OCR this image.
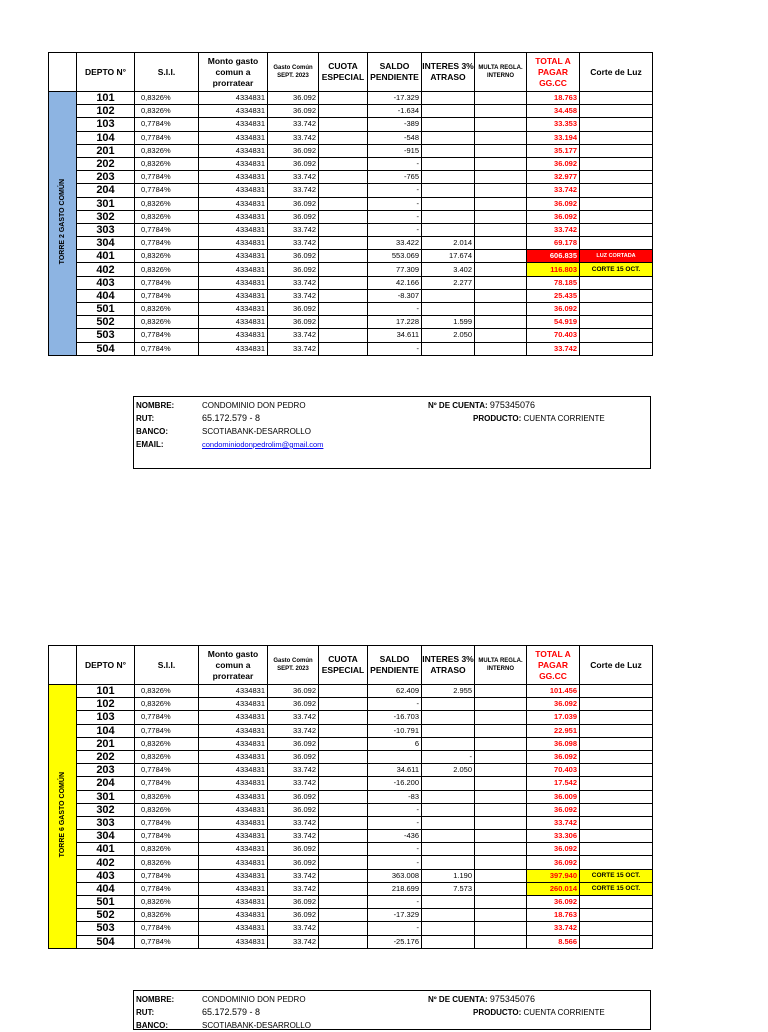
	DEPTO N°	S.I.I.	Monto gasto comun a prorratear	Gasto Común SEPT. 2023	CUOTA ESPECIAL	SALDO PENDIENTE	INTERES 3% ATRASO	MULTA REGLA. INTERNO	TOTAL A PAGAR GG.CC	Corte de Luz
TORRE 2 GASTO COMÚN	101	0,8326%	4334831	36.092		-17.329			18.763	
	102	0,8326%	4334831	36.092		-1.634			34.458	
	103	0,7784%	4334831	33.742		-389			33.353	
	104	0,7784%	4334831	33.742		-548			33.194	
	201	0,8326%	4334831	36.092		-915			35.177	
	202	0,8326%	4334831	36.092		-			36.092	
	203	0,7784%	4334831	33.742		-765			32.977	
	204	0,7784%	4334831	33.742		-			33.742	
	301	0,8326%	4334831	36.092		-			36.092	
	302	0,8326%	4334831	36.092		-			36.092	
	303	0,7784%	4334831	33.742		-			33.742	
	304	0,7784%	4334831	33.742		33.422	2.014		69.178	
	401	0,8326%	4334831	36.092		553.069	17.674		606.835	LUZ CORTADA
	402	0,8326%	4334831	36.092		77.309	3.402		116.803	CORTE 15 OCT.
	403	0,7784%	4334831	33.742		42.166	2.277		78.185	
	404	0,7784%	4334831	33.742		-8.307			25.435	
	501	0,8326%	4334831	36.092		-			36.092	
	502	0,8326%	4334831	36.092		17.228	1.599		54.919	
	503	0,7784%	4334831	33.742		34.611	2.050		70.403	
	504	0,7784%	4334831	33.742		-			33.742	
NOMBRE:	CONDOMINIO DON PEDRO
RUT:	65.172.579 - 8
BANCO:	SCOTIABANK-DESARROLLO
EMAIL:	condominiodonpedrolim@gmail.com
Nº DE CUENTA: 975345076
PRODUCTO: CUENTA CORRIENTE
	DEPTO N°	S.I.I.	Monto gasto comun a prorratear	Gasto Común SEPT. 2023	CUOTA ESPECIAL	SALDO PENDIENTE	INTERES 3% ATRASO	MULTA REGLA. INTERNO	TOTAL A PAGAR GG.CC	Corte de Luz
TORRE 6 GASTO COMÚN	101	0,8326%	4334831	36.092		62.409	2.955		101.456	
	102	0,8326%	4334831	36.092		-			36.092	
	103	0,7784%	4334831	33.742		-16.703			17.039	
	104	0,7784%	4334831	33.742		-10.791			22.951	
	201	0,8326%	4334831	36.092		6			36.098	
	202	0,8326%	4334831	36.092			-		36.092	
	203	0,7784%	4334831	33.742		34.611	2.050		70.403	
	204	0,7784%	4334831	33.742		-16.200			17.542	
	301	0,8326%	4334831	36.092		-83			36.009	
	302	0,8326%	4334831	36.092		-			36.092	
	303	0,7784%	4334831	33.742		-			33.742	
	304	0,7784%	4334831	33.742		-436			33.306	
	401	0,8326%	4334831	36.092		-			36.092	
	402	0,8326%	4334831	36.092		-			36.092	
	403	0,7784%	4334831	33.742		363.008	1.190		397.940	CORTE 15 OCT.
	404	0,7784%	4334831	33.742		218.699	7.573		260.014	CORTE 15 OCT.
	501	0,8326%	4334831	36.092		-			36.092	
	502	0,8326%	4334831	36.092		-17.329			18.763	
	503	0,7784%	4334831	33.742		-			33.742	
	504	0,7784%	4334831	33.742		-25.176			8.566	
NOMBRE:	CONDOMINIO DON PEDRO
RUT:	65.172.579 - 8
BANCO:	SCOTIABANK-DESARROLLO
Nº DE CUENTA: 975345076
PRODUCTO: CUENTA CORRIENTE
